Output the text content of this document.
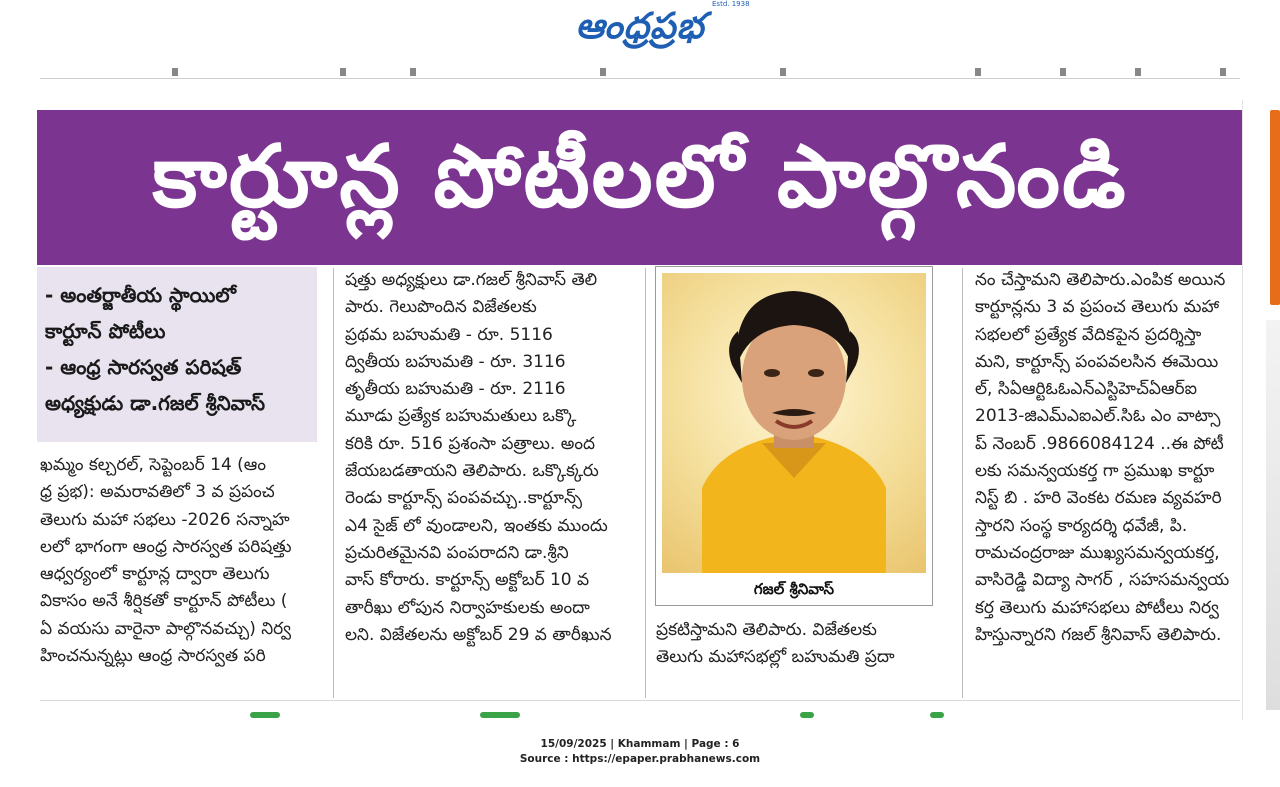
ఆంధ్రప్రభ
Estd. 1938
కార్టూన్ల పోటీలలో పాల్గొనండి
- అంతర్జాతీయ స్థాయిలో
కార్టూన్ పోటీలు
- ఆంధ్ర సారస్వత పరిషత్
అధ్యక్షుడు డా.గజల్ శ్రీనివాస్
ఖమ్మం కల్చరల్, సెప్టెంబర్ 14 (ఆం
ధ్ర ప్రభ): అమరావతిలో 3 వ ప్రపంచ
తెలుగు మహా సభలు -2026 సన్నాహ
లలో భాగంగా ఆంధ్ర సారస్వత పరిషత్తు
ఆధ్వర్యంలో కార్టూన్ల ద్వారా తెలుగు
వికాసం అనే శీర్షికతో కార్టూన్ పోటీలు (
ఏ వయసు వారైనా పాల్గొనవచ్చు) నిర్వ
హించనున్నట్లు ఆంధ్ర సారస్వత పరి
షత్తు అధ్యక్షులు డా.గజల్ శ్రీనివాస్ తెలి
పారు. గెలుపొందిన విజేతలకు
ప్రథమ బహుమతి - రూ. 5116
ద్వితీయ బహుమతి - రూ. 3116
తృతీయ బహుమతి - రూ. 2116
మూడు ప్రత్యేక బహుమతులు ఒక్కొ
కరికి రూ. 516 ప్రశంసా పత్రాలు. అంద
జేయబడతాయని తెలిపారు. ఒక్కొక్కరు
రెండు కార్టూన్స్ పంపవచ్చు..కార్టూన్స్
ఎ4 సైజ్ లో వుండాలని, ఇంతకు ముందు
ప్రచురితమైనవి పంపరాదని డా.శ్రీని
వాస్ కోరారు. కార్టూన్స్ అక్టోబర్ 10 వ
తారీఖు లోపున నిర్వాహకులకు అందా
లని. విజేతలను అక్టోబర్ 29 వ తారీఖున
గజల్ శ్రీనివాస్
ప్రకటిస్తామని తెలిపారు. విజేతలకు
తెలుగు మహాసభల్లో బహుమతి ప్రదా
నం చేస్తామని తెలిపారు.ఎంపిక అయిన
కార్టూన్లను 3 వ ప్రపంచ తెలుగు మహా
సభలలో ప్రత్యేక వేదికపైన ప్రదర్శిస్తా
మని, కార్టూన్స్ పంపవలసిన ఈమెయి
ల్, సిఏఆర్టిఓఓఎన్ఎస్టిహెచ్ఏఆర్ఐ
2013-జిఎమ్ఎఐఎల్.సిఓ ఎం వాట్సా
ప్ నెంబర్ .9866084124 ..ఈ పోటీ
లకు సమన్వయకర్త గా ప్రముఖ కార్టూ
నిస్ట్ బి . హరి వెంకట రమణ వ్యవహరి
స్తారని సంస్థ కార్యదర్శి ధవేజీ, పి.
రామచంద్రరాజు ముఖ్యసమన్వయకర్త,
వాసిరెడ్డి విద్యా సాగర్ , సహసమన్వయ
కర్త తెలుగు మహాసభలు పోటీలు నిర్వ
హిస్తున్నారని గజల్ శ్రీనివాస్ తెలిపారు.
15/09/2025 | Khammam | Page : 6
Source : https://epaper.prabhanews.com
